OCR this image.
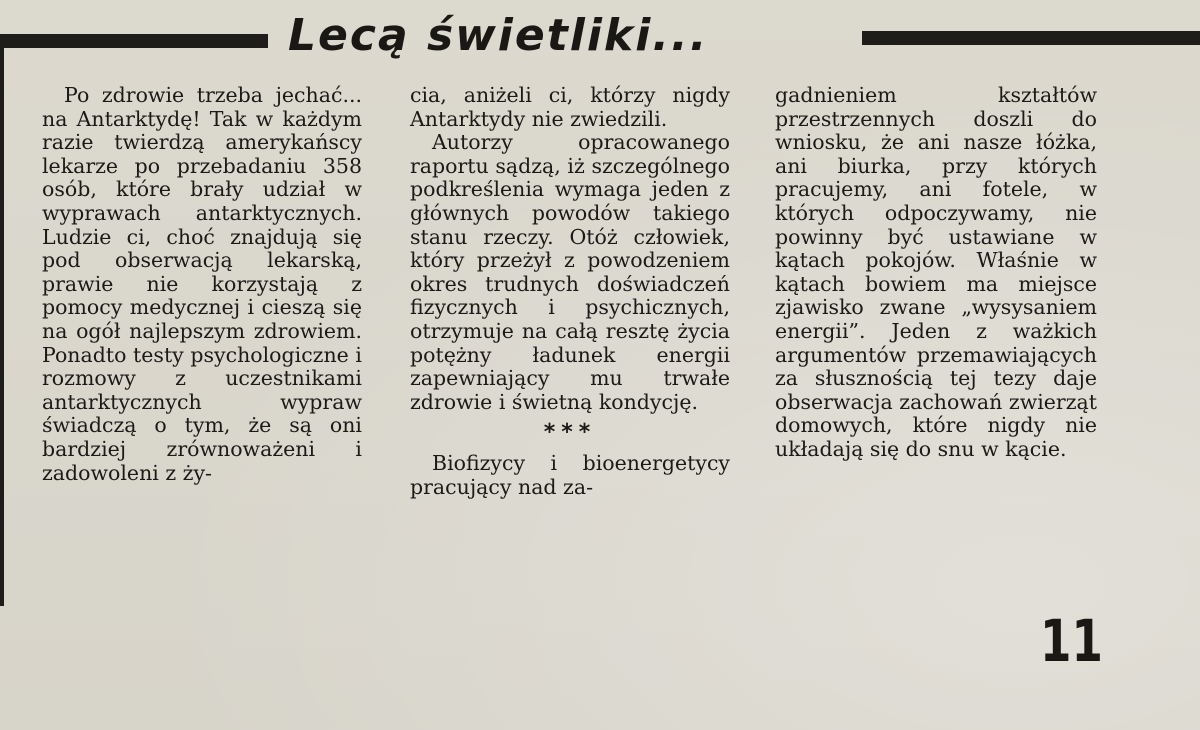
Lecą świetliki...

Po zdrowie trzeba jechać... na Antarktydę! Tak w każdym razie twierdzą amerykańscy lekarze po przebadaniu 358 osób, które brały udział w wyprawach antarktycznych. Ludzie ci, choć znajdują się pod obserwacją lekarską, prawie nie korzystają z pomocy medycznej i cieszą się na ogół najlepszym zdrowiem. Ponadto testy psychologiczne i rozmowy z uczestnikami antarktycznych wypraw świadczą o tym, że są oni bardziej zrównoważeni i zadowoleni z ży-

cia, aniżeli ci, którzy nigdy Antarktydy nie zwiedzili.

Autorzy opracowanego raportu sądzą, iż szczególnego podkreślenia wymaga jeden z głównych powodów takiego stanu rzeczy. Otóż człowiek, który przeżył z powodzeniem okres trudnych doświadczeń fizycznych i psychicznych, otrzymuje na całą resztę życia potężny ładunek energii zapewniający mu trwałe zdrowie i świetną kondycję.

***

Biofizycy i bioenergetycy pracujący nad za-

gadnieniem kształtów przestrzennych doszli do wniosku, że ani nasze łóżka, ani biurka, przy których pracujemy, ani fotele, w których odpoczywamy, nie powinny być ustawiane w kątach pokojów. Właśnie w kątach bowiem ma miejsce zjawisko zwane „wysysaniem energii”. Jeden z ważkich argumentów przemawiających za słusznością tej tezy daje obserwacja zachowań zwierząt domowych, które nigdy nie układają się do snu w kącie.

11
